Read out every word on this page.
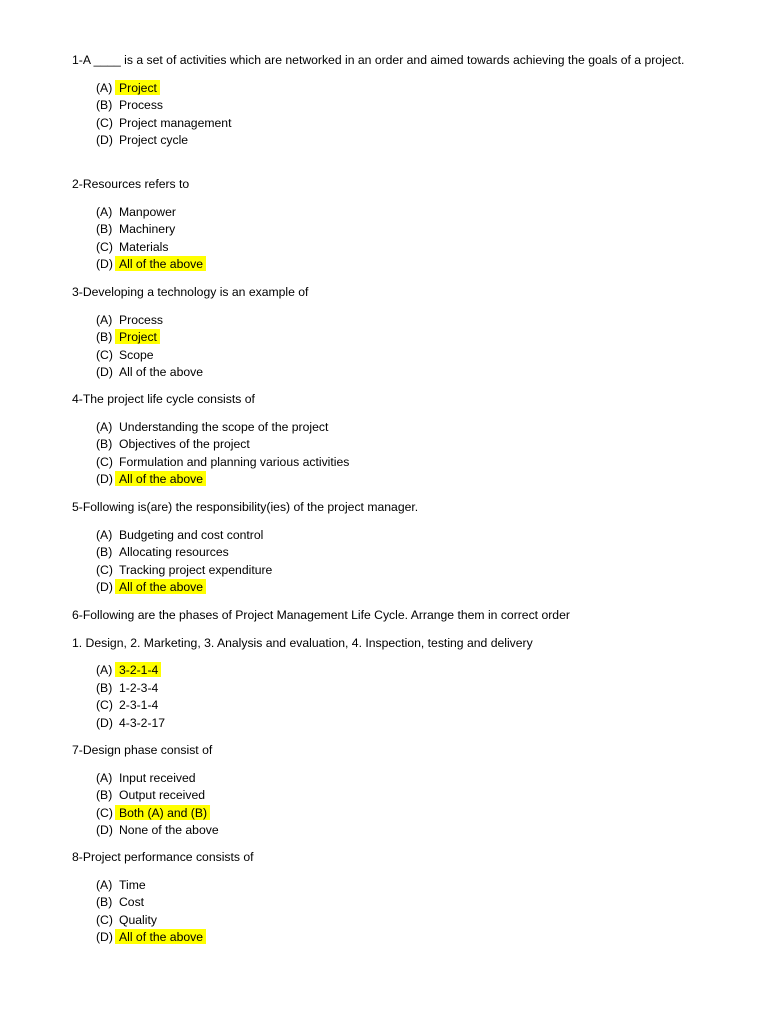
1-A ____ is a set of activities which are networked in an order and aimed towards achieving the goals of a project.

(A) Project
(B) Process
(C) Project management
(D) Project cycle

2-Resources refers to

(A) Manpower
(B) Machinery
(C) Materials
(D) All of the above

3-Developing a technology is an example of

(A) Process
(B) Project
(C) Scope
(D) All of the above

4-The project life cycle consists of

(A) Understanding the scope of the project
(B) Objectives of the project
(C) Formulation and planning various activities
(D) All of the above

5-Following is(are) the responsibility(ies) of the project manager.

(A) Budgeting and cost control
(B) Allocating resources
(C) Tracking project expenditure
(D) All of the above

6-Following are the phases of Project Management Life Cycle. Arrange them in correct order

1. Design, 2. Marketing, 3. Analysis and evaluation, 4. Inspection, testing and delivery

(A) 3-2-1-4
(B) 1-2-3-4
(C) 2-3-1-4
(D) 4-3-2-17

7-Design phase consist of

(A) Input received
(B) Output received
(C) Both (A) and (B)
(D) None of the above

8-Project performance consists of

(A) Time
(B) Cost
(C) Quality
(D) All of the above
